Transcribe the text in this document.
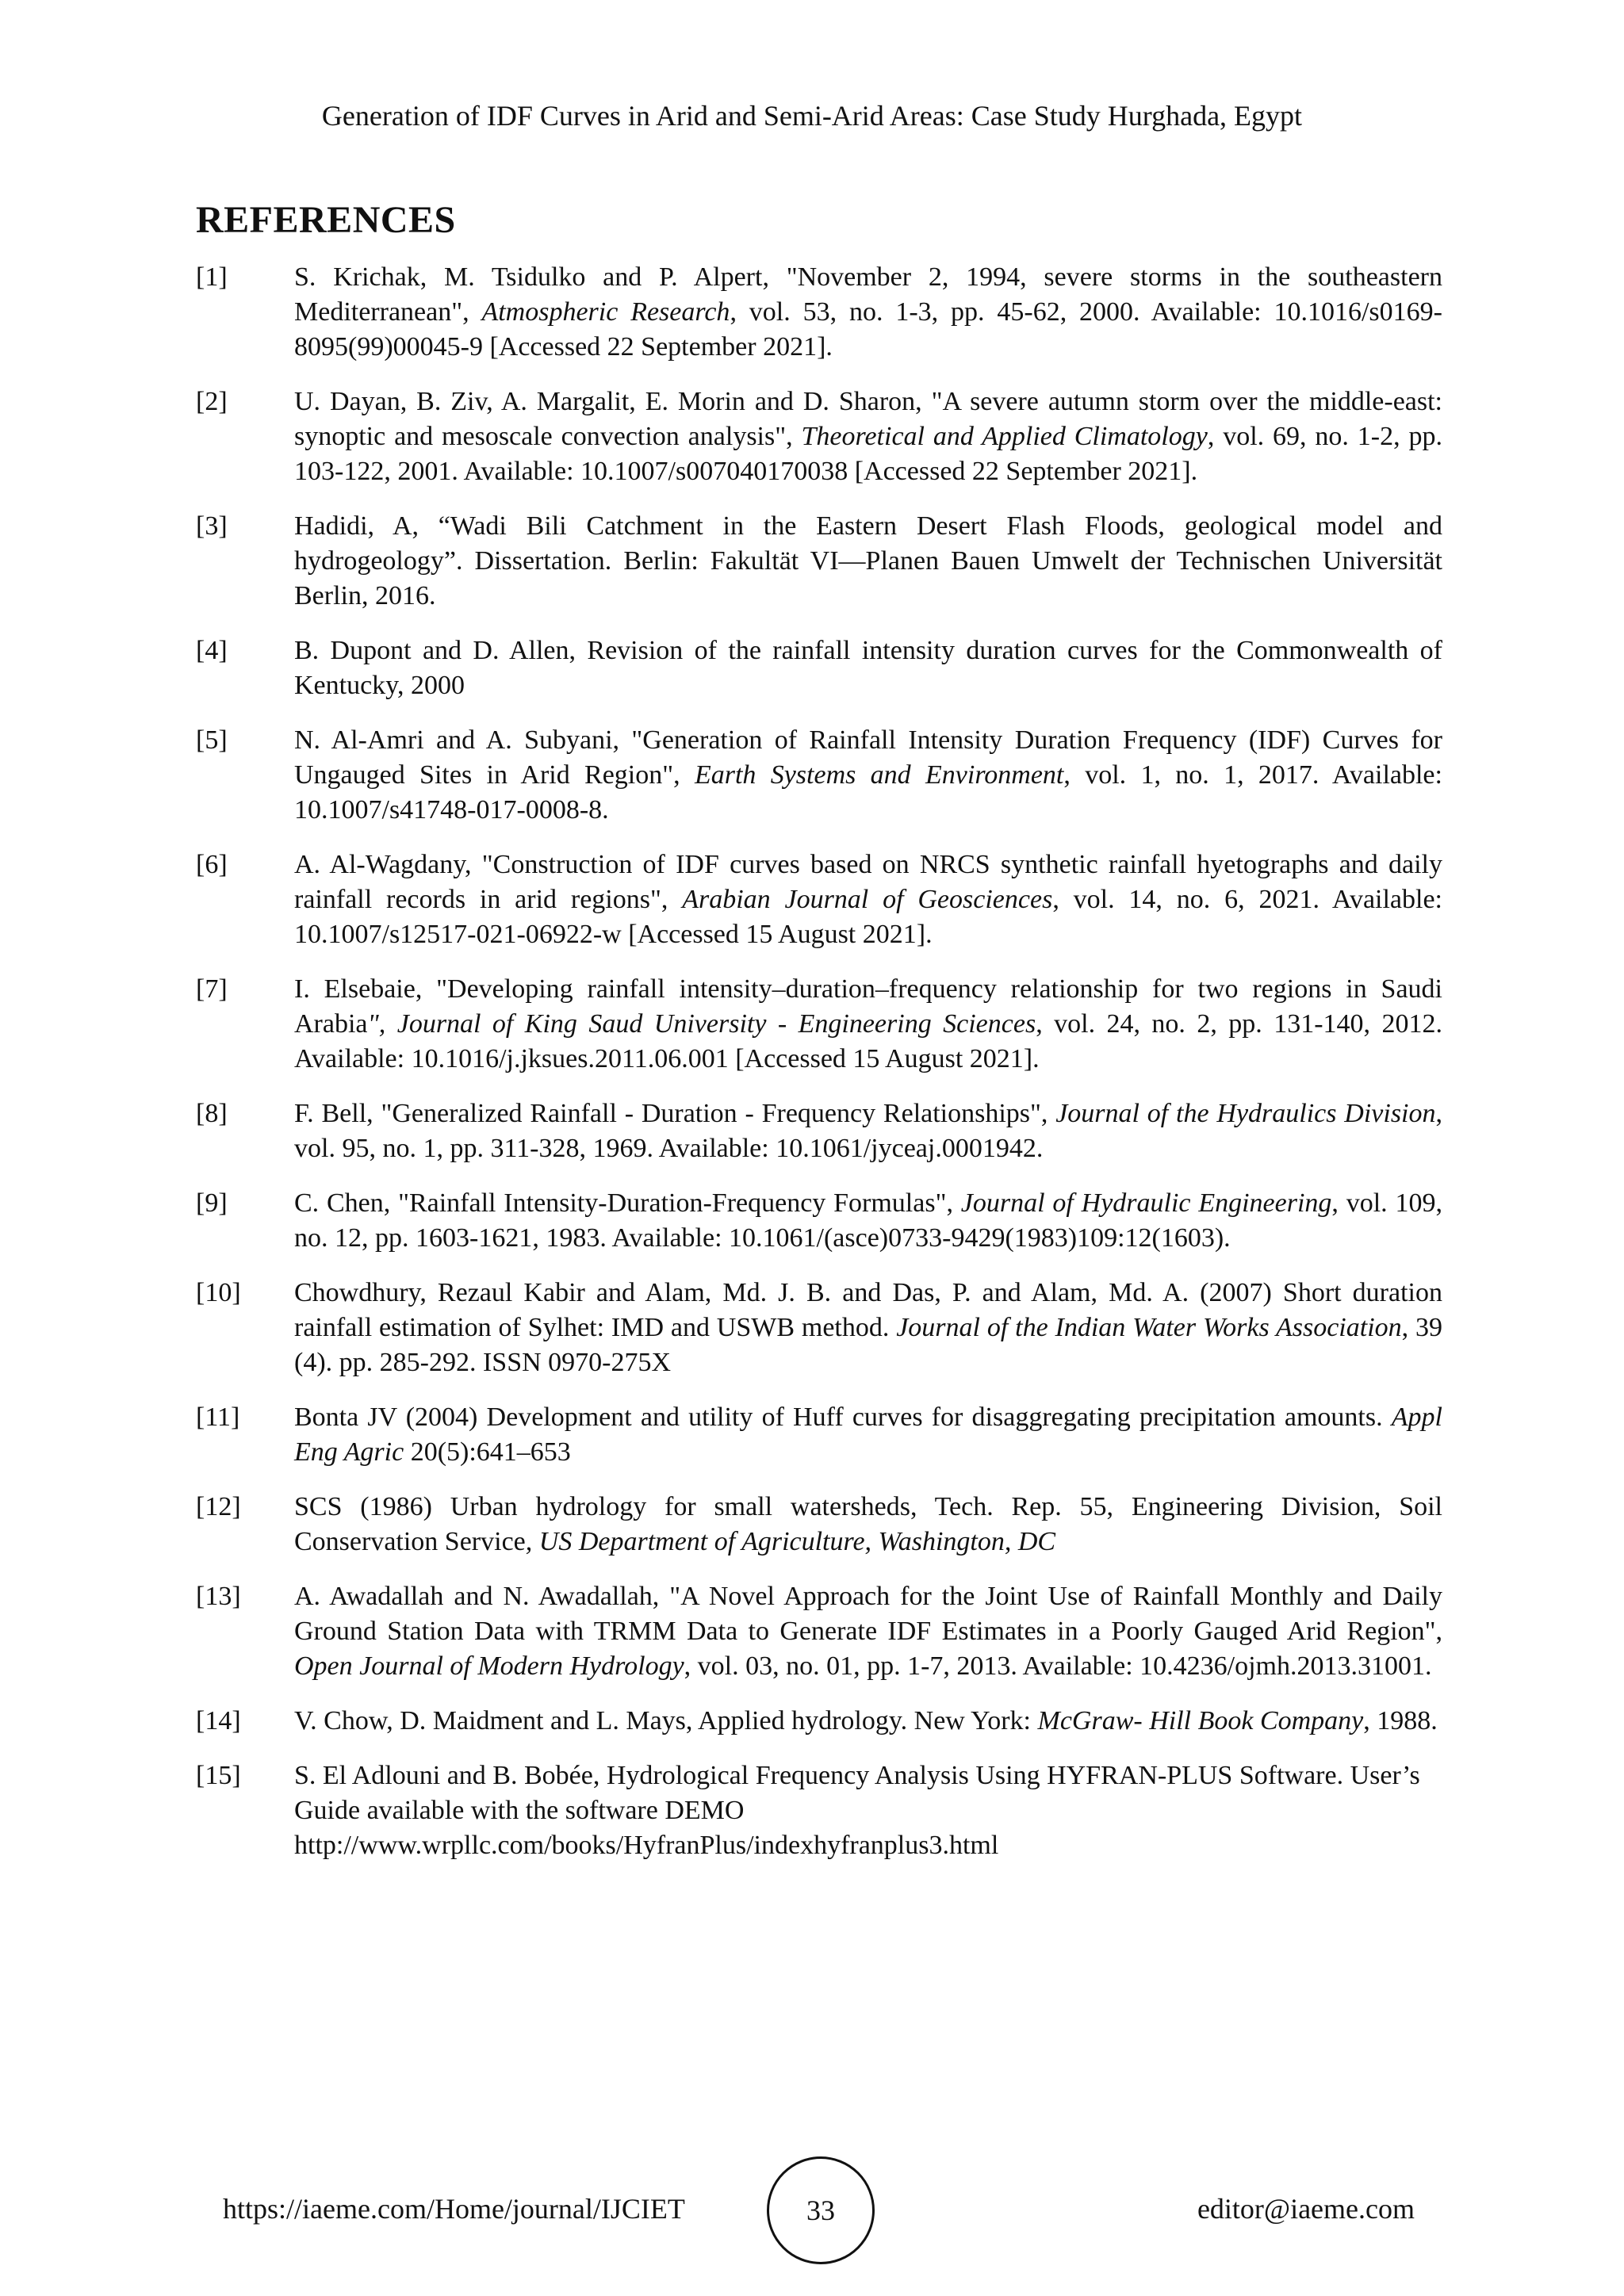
Generation of IDF Curves in Arid and Semi-Arid Areas: Case Study Hurghada, Egypt
REFERENCES
[1]	S. Krichak, M. Tsidulko and P. Alpert, "November 2, 1994, severe storms in the southeastern Mediterranean", Atmospheric Research, vol. 53, no. 1-3, pp. 45-62, 2000. Available: 10.1016/s0169-8095(99)00045-9 [Accessed 22 September 2021].
[2]	U. Dayan, B. Ziv, A. Margalit, E. Morin and D. Sharon, "A severe autumn storm over the middle-east: synoptic and mesoscale convection analysis", Theoretical and Applied Climatology, vol. 69, no. 1-2, pp. 103-122, 2001. Available: 10.1007/s007040170038 [Accessed 22 September 2021].
[3]	Hadidi, A, “Wadi Bili Catchment in the Eastern Desert Flash Floods, geological model and hydrogeology”. Dissertation. Berlin: Fakultät VI—Planen Bauen Umwelt der Technischen Universität Berlin, 2016.
[4]	B. Dupont and D. Allen, Revision of the rainfall intensity duration curves for the Commonwealth of Kentucky, 2000
[5]	N. Al-Amri and A. Subyani, "Generation of Rainfall Intensity Duration Frequency (IDF) Curves for Ungauged Sites in Arid Region", Earth Systems and Environment, vol. 1, no. 1, 2017. Available: 10.1007/s41748-017-0008-8.
[6]	A. Al-Wagdany, "Construction of IDF curves based on NRCS synthetic rainfall hyetographs and daily rainfall records in arid regions", Arabian Journal of Geosciences, vol. 14, no. 6, 2021. Available: 10.1007/s12517-021-06922-w [Accessed 15 August 2021].
[7]	I. Elsebaie, "Developing rainfall intensity–duration–frequency relationship for two regions in Saudi Arabia", Journal of King Saud University - Engineering Sciences, vol. 24, no. 2, pp. 131-140, 2012. Available: 10.1016/j.jksues.2011.06.001 [Accessed 15 August 2021].
[8]	F. Bell, "Generalized Rainfall - Duration - Frequency Relationships", Journal of the Hydraulics Division, vol. 95, no. 1, pp. 311-328, 1969. Available: 10.1061/jyceaj.0001942.
[9]	C. Chen, "Rainfall Intensity-Duration-Frequency Formulas", Journal of Hydraulic Engineering, vol. 109, no. 12, pp. 1603-1621, 1983. Available: 10.1061/(asce)0733-9429(1983)109:12(1603).
[10]	Chowdhury, Rezaul Kabir and Alam, Md. J. B. and Das, P. and Alam, Md. A. (2007) Short duration rainfall estimation of Sylhet: IMD and USWB method. Journal of the Indian Water Works Association, 39 (4). pp. 285-292. ISSN 0970-275X
[11]	Bonta JV (2004) Development and utility of Huff curves for disaggregating precipitation amounts. Appl Eng Agric 20(5):641–653
[12]	SCS (1986) Urban hydrology for small watersheds, Tech. Rep. 55, Engineering Division, Soil Conservation Service, US Department of Agriculture, Washington, DC
[13]	A. Awadallah and N. Awadallah, "A Novel Approach for the Joint Use of Rainfall Monthly and Daily Ground Station Data with TRMM Data to Generate IDF Estimates in a Poorly Gauged Arid Region", Open Journal of Modern Hydrology, vol. 03, no. 01, pp. 1-7, 2013. Available: 10.4236/ojmh.2013.31001.
[14]	V. Chow, D. Maidment and L. Mays, Applied hydrology. New York: McGraw- Hill Book Company, 1988.
[15]	S. El Adlouni and B. Bobée, Hydrological Frequency Analysis Using HYFRAN-PLUS Software. User’s Guide available with the software DEMO http://www.wrpllc.com/books/HyfranPlus/indexhyfranplus3.html
https://iaeme.com/Home/journal/IJCIET	33	editor@iaeme.com
